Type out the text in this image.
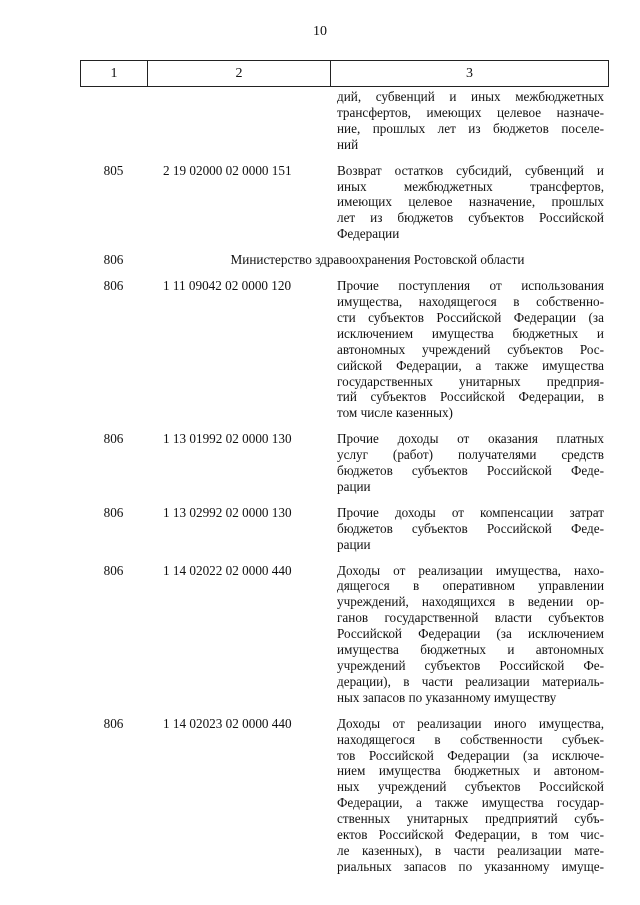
10
1	2	3
дий, субвенций и иных межбюджетных
трансфертов, имеющих целевое назначе-
ние, прошлых лет из бюджетов поселе-
ний
805	2 19 02000 02 0000 151	Возврат остатков субсидий, субвенций и
иных межбюджетных трансфертов,
имеющих целевое назначение, прошлых
лет из бюджетов субъектов Российской
Федерации
806	Министерство здравоохранения Ростовской области
806	1 11 09042 02 0000 120	Прочие поступления от использования
имущества, находящегося в собственно-
сти субъектов Российской Федерации (за
исключением имущества бюджетных и
автономных учреждений субъектов Рос-
сийской Федерации, а также имущества
государственных унитарных предприя-
тий субъектов Российской Федерации, в
том числе казенных)
806	1 13 01992 02 0000 130	Прочие доходы от оказания платных
услуг (работ) получателями средств
бюджетов субъектов Российской Феде-
рации
806	1 13 02992 02 0000 130	Прочие доходы от компенсации затрат
бюджетов субъектов Российской Феде-
рации
806	1 14 02022 02 0000 440	Доходы от реализации имущества, нахо-
дящегося в оперативном управлении
учреждений, находящихся в ведении ор-
ганов государственной власти субъектов
Российской Федерации (за исключением
имущества бюджетных и автономных
учреждений субъектов Российской Фе-
дерации), в части реализации материаль-
ных запасов по указанному имуществу
806	1 14 02023 02 0000 440	Доходы от реализации иного имущества,
находящегося в собственности субъек-
тов Российской Федерации (за исключе-
нием имущества бюджетных и автоном-
ных учреждений субъектов Российской
Федерации, а также имущества государ-
ственных унитарных предприятий субъ-
ектов Российской Федерации, в том чис-
ле казенных), в части реализации мате-
риальных запасов по указанному имуще-
